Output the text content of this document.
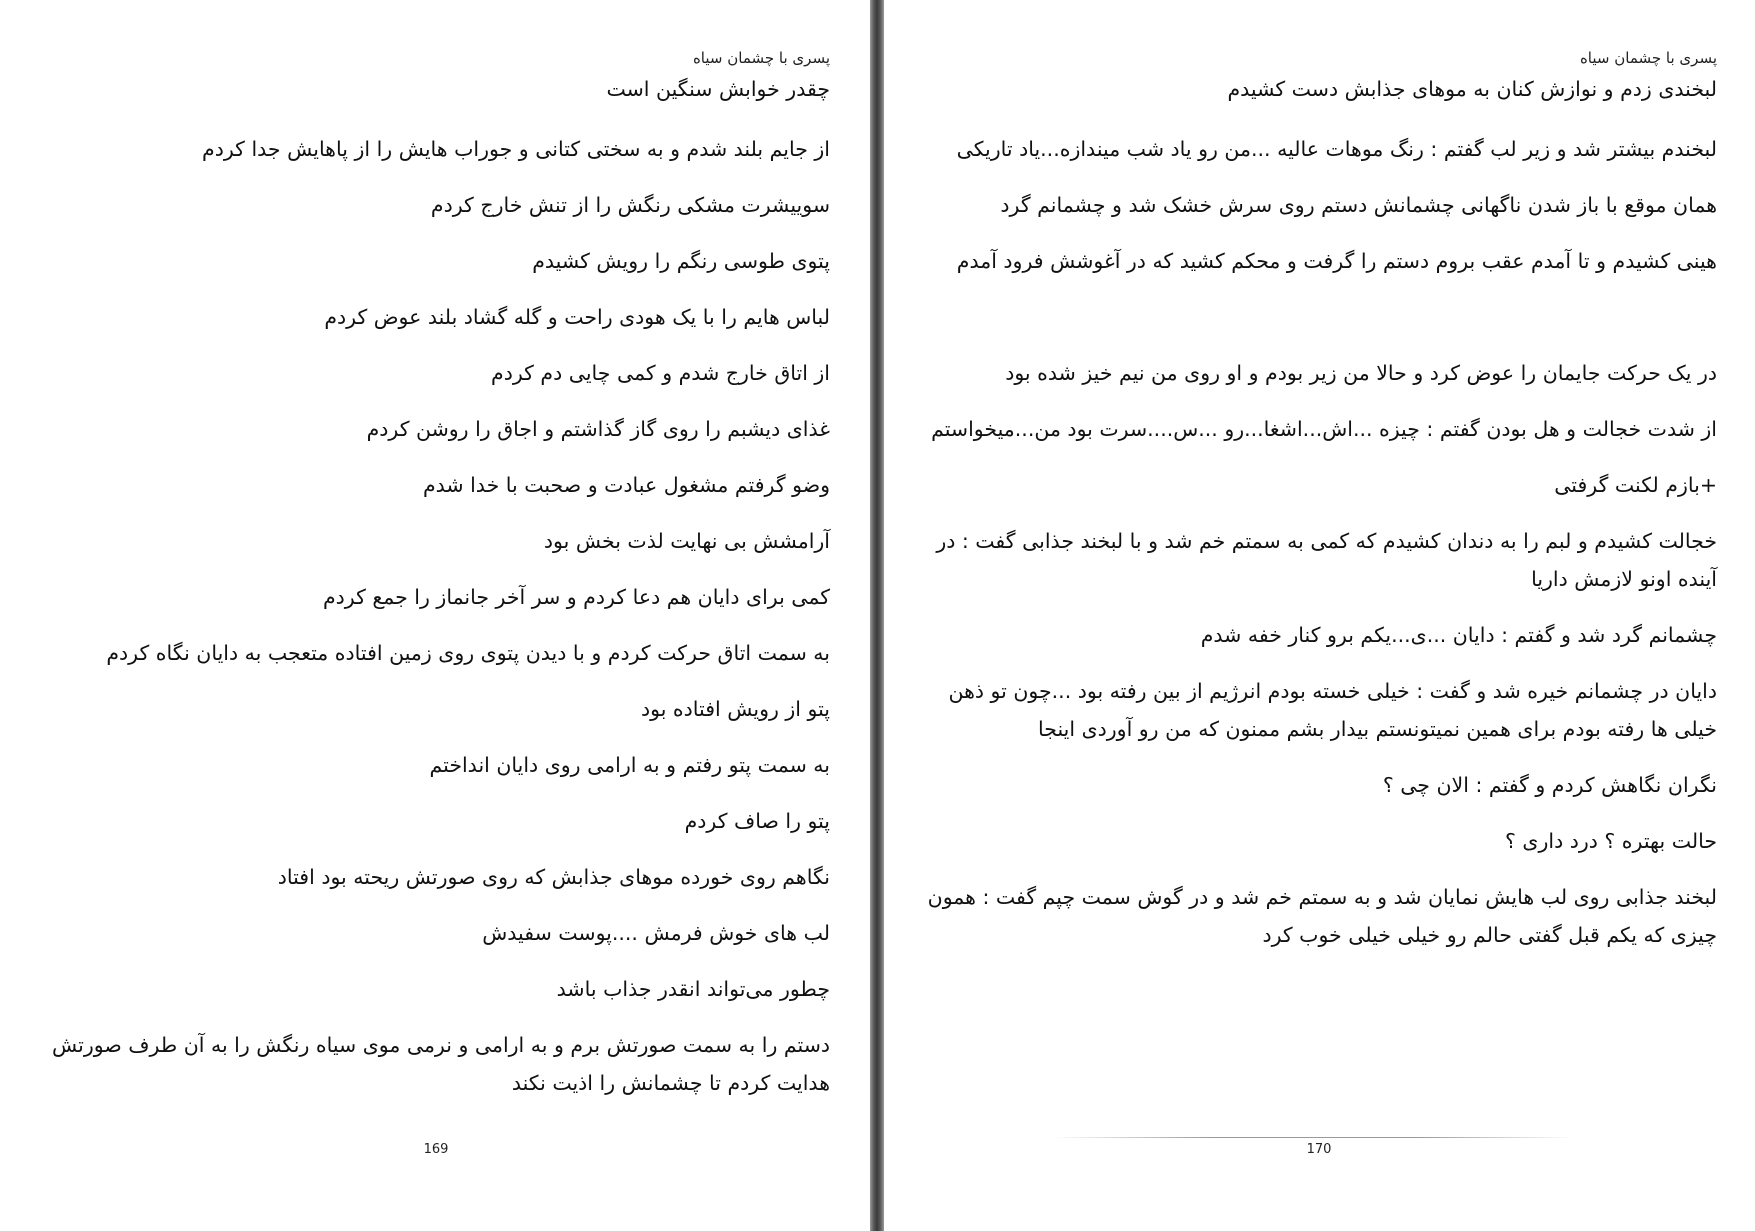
پسری با چشمان سیاه

چقدر خوابش سنگین است

از جایم بلند شدم و به سختی کتانی و جوراب هایش را از پاهایش جدا کردم

سوییشرت مشکی رنگش را از تنش خارج کردم

پتوی طوسی رنگم را رویش کشیدم

لباس هایم را با یک هودی راحت و گله گشاد بلند عوض کردم

از اتاق خارج شدم و کمی چایی دم کردم

غذای دیشبم را روی گاز گذاشتم و اجاق را روشن کردم

وضو گرفتم مشغول عبادت و صحبت با خدا شدم

آرامشش بی نهایت لذت بخش بود

کمی برای دایان هم دعا کردم و سر آخر جانماز را جمع کردم

به سمت اتاق حرکت کردم و با دیدن پتوی روی زمین افتاده متعجب به دایان نگاه کردم

پتو از رویش افتاده بود

به سمت پتو رفتم و به ارامی روی دایان انداختم

پتو را صاف کردم

نگاهم روی خورده موهای جذابش که روی صورتش ریحته بود افتاد

لب های خوش فرمش ....پوست سفیدش

چطور می‌تواند انقدر جذاب باشد

دستم را به سمت صورتش برم و به ارامی و نرمی موی سیاه رنگش را به آن طرف صورتش هدایت کردم تا چشمانش را اذیت نکند

169

پسری با چشمان سیاه

لبخندی زدم و نوازش کنان به موهای جذابش دست کشیدم

لبخندم بیشتر شد و زیر لب گفتم : رنگ موهات عالیه ...من رو یاد شب میندازه...یاد تاریکی

همان موقع با باز شدن ناگهانی چشمانش دستم روی سرش خشک شد و چشمانم گرد

هینی کشیدم و تا آمدم عقب بروم دستم را گرفت و محکم کشید که در آغوشش فرود آمدم

در یک حرکت جایمان را عوض کرد و حالا من زیر بودم و او روی من نیم خیز شده بود

از شدت خجالت و هل بودن گفتم : چیزه ...اش...اشغا...رو ...س....سرت بود من...میخواستم

+بازم لکنت گرفتی

خجالت کشیدم و لبم را به دندان کشیدم که کمی به سمتم خم شد و با لبخند جذابی گفت : در آینده اونو لازمش داریا

چشمانم گرد شد و گفتم : دایان ...ی...یکم برو کنار خفه شدم

دایان در چشمانم خیره شد و گفت : خیلی خسته بودم انرژیم از بین رفته بود ...چون تو ذهن خیلی ها رفته بودم برای همین نمیتونستم بیدار بشم ممنون که من رو آوردی اینجا

نگران نگاهش کردم و گفتم : الان چی ؟

حالت بهتره ؟ درد داری ؟

لبخند جذابی روی لب هایش نمایان شد و به سمتم خم شد و در گوش سمت چپم گفت : همون چیزی که یکم قبل گفتی حالم رو خیلی خیلی خوب کرد

170
